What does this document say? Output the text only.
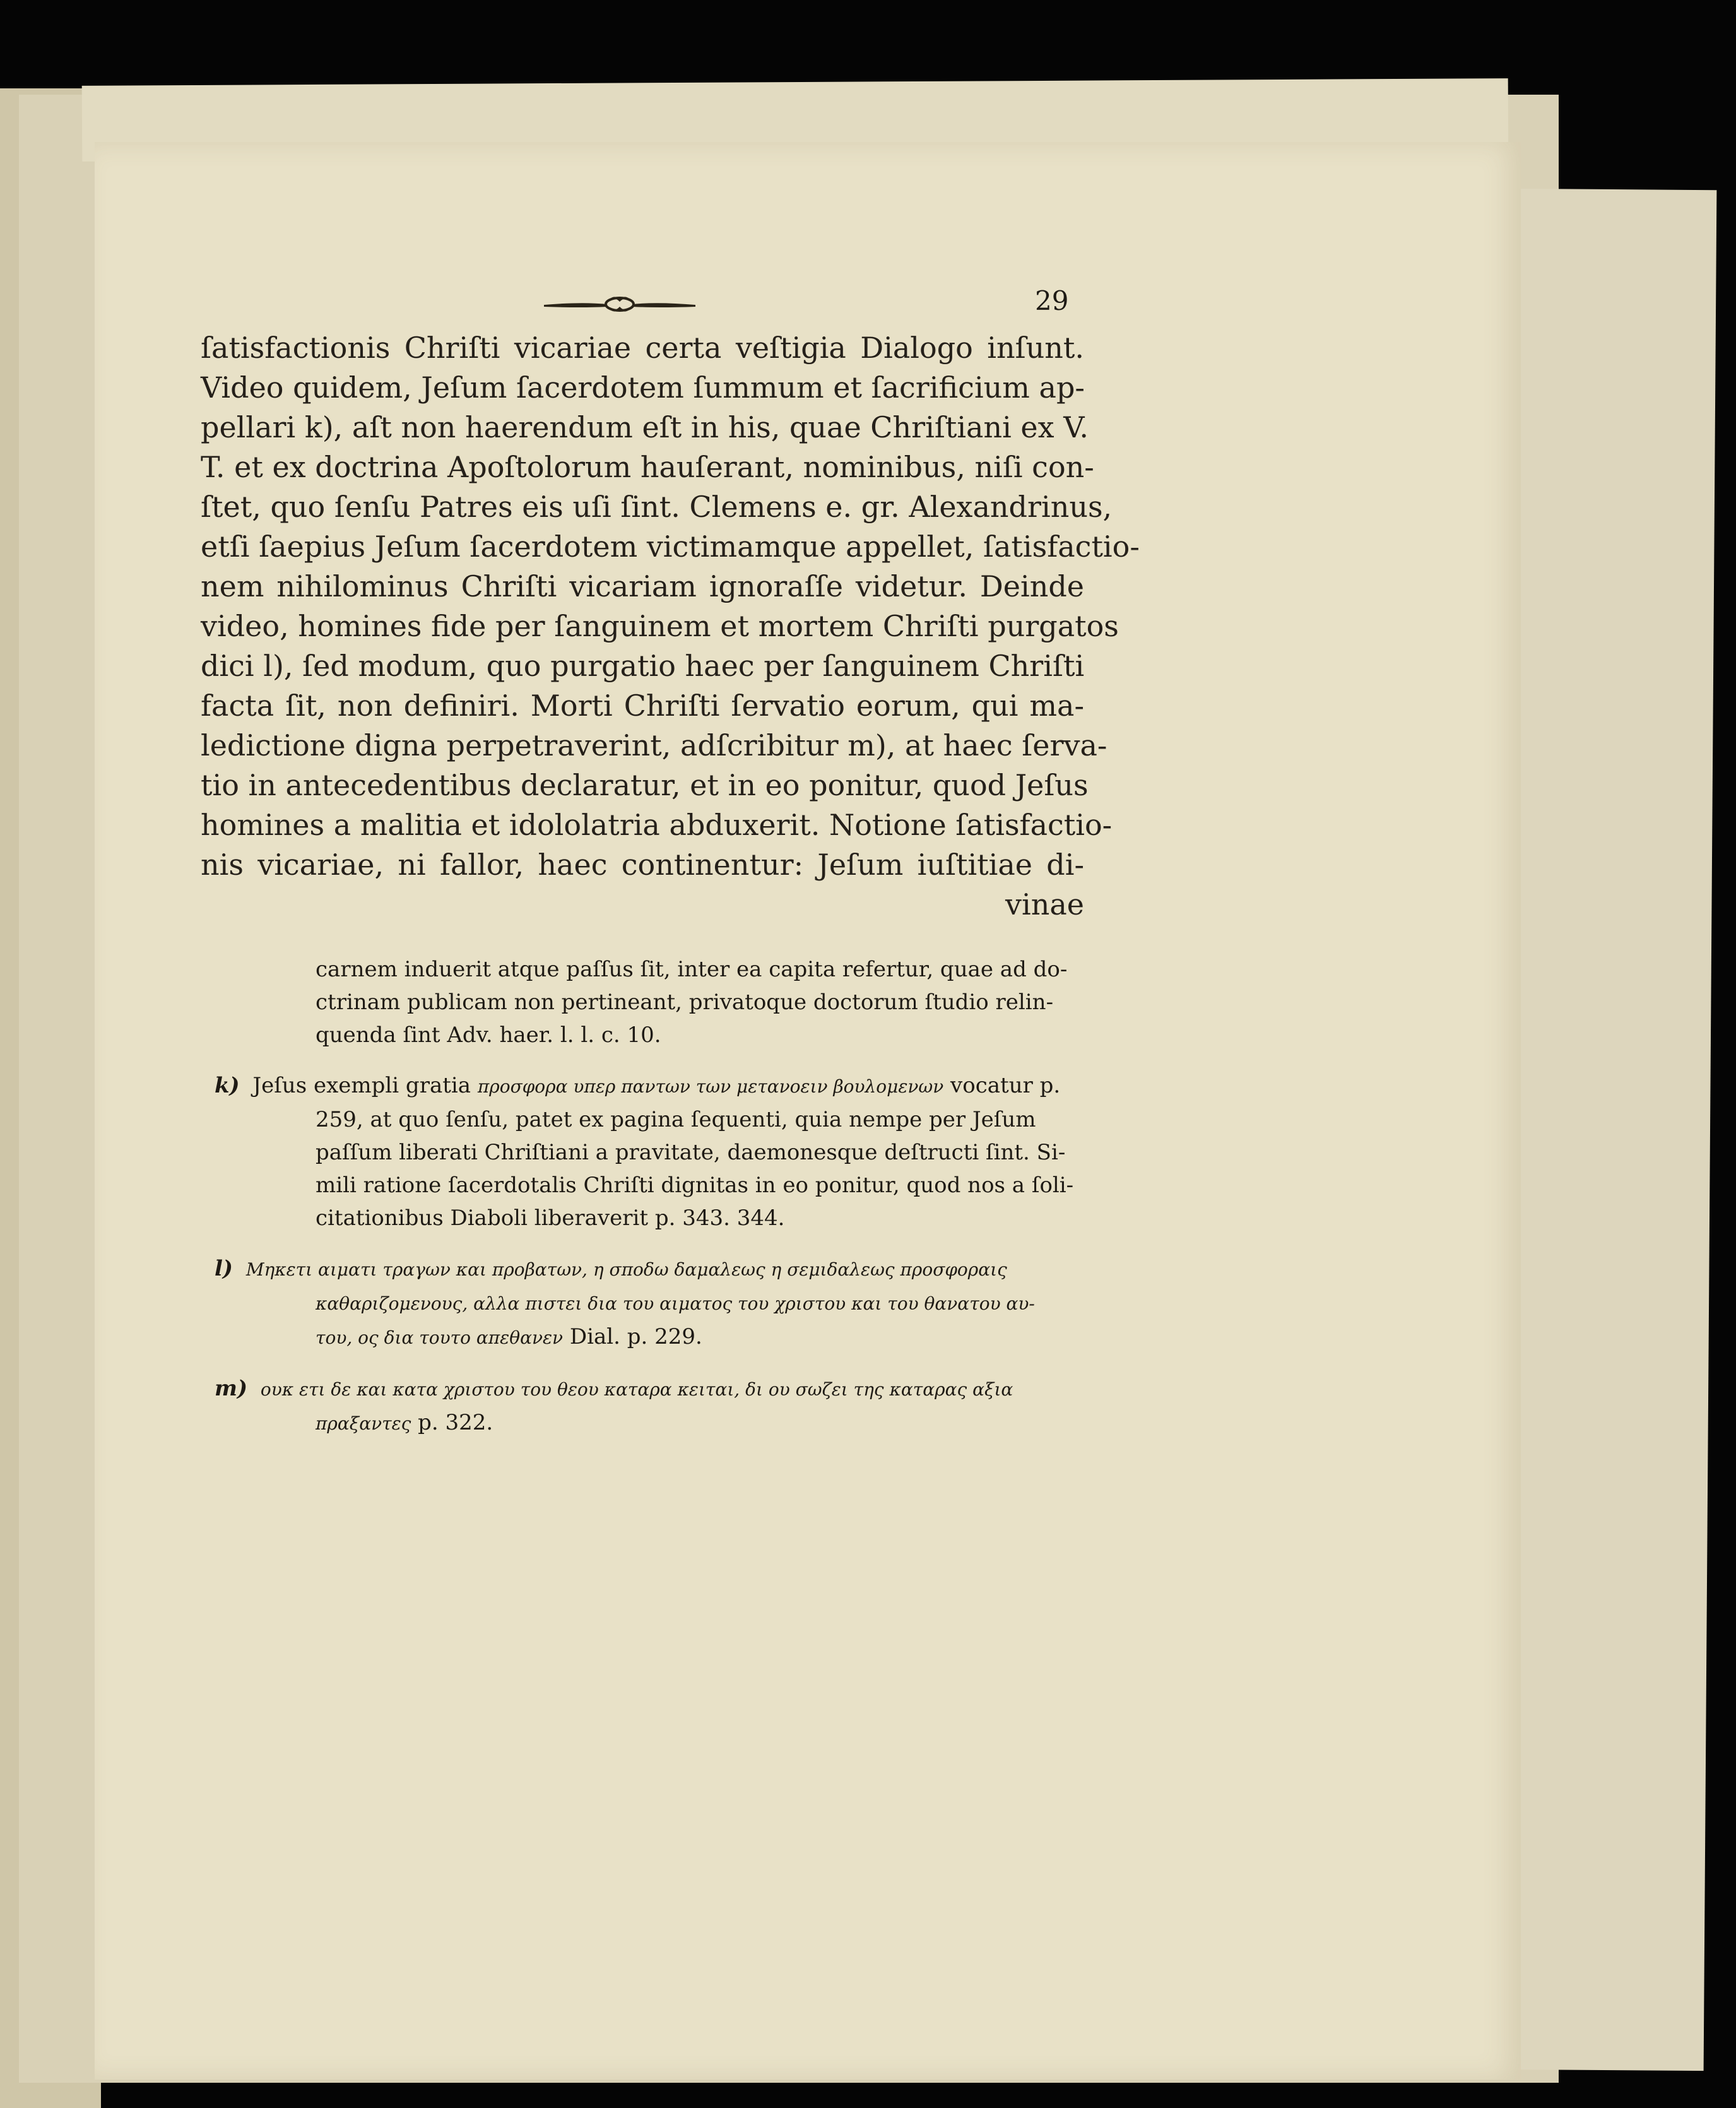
29
ſatisfactionis Chriſti vicariae certa veſtigia Dialogo inſunt.
Video quidem, Jeſum ſacerdotem ſummum et ſacrificium ap-
pellari k), aſt non haerendum eſt in his, quae Chriſtiani ex V.
T. et ex doctrina Apoſtolorum hauſerant, nominibus, niſi con-
ſtet, quo ſenſu Patres eis uſi ſint. Clemens e. gr. Alexandrinus,
etſi ſaepius Jeſum ſacerdotem victimamque appellet, ſatisfactio-
nem nihilominus Chriſti vicariam ignoraſſe videtur. Deinde
video, homines fide per ſanguinem et mortem Chriſti purgatos
dici l), ſed modum, quo purgatio haec per ſanguinem Chriſti
facta ſit, non definiri. Morti Chriſti ſervatio eorum, qui ma-
ledictione digna perpetraverint, adſcribitur m), at haec ſerva-
tio in antecedentibus declaratur, et in eo ponitur, quod Jeſus
homines a malitia et idololatria abduxerit. Notione ſatisfactio-
nis vicariae, ni fallor, haec continentur: Jeſum iuſtitiae di-
vinae
carnem induerit atque paſſus ſit, inter ea capita refertur, quae ad do-
ctrinam publicam non pertineant, privatoque doctorum ſtudio relin-
quenda ſint Adv. haer. l. l. c. 10.
k) Jeſus exempli gratia προσφορα υπερ παντων των μετανοειν βουλομενων vocatur p.
259, at quo ſenſu, patet ex pagina ſequenti, quia nempe per Jeſum
paſſum liberati Chriſtiani a pravitate, daemonesque deſtructi ſint. Si-
mili ratione ſacerdotalis Chriſti dignitas in eo ponitur, quod nos a ſoli-
citationibus Diaboli liberaverit p. 343. 344.
l) Μηκετι αιματι τραγων και προβατων, η σποδω δαμαλεως η σεμιδαλεως προσφοραις
καθαριζομενους, αλλα πιστει δια του αιματος του χριστου και του θανατου αυ-
του, ος δια τουτο απεθανεν Dial. p. 229.
m) ουκ ετι δε και κατα χριστου του θεου καταρα κειται, δι ου σωζει της καταρας αξια
πραξαντες p. 322.
